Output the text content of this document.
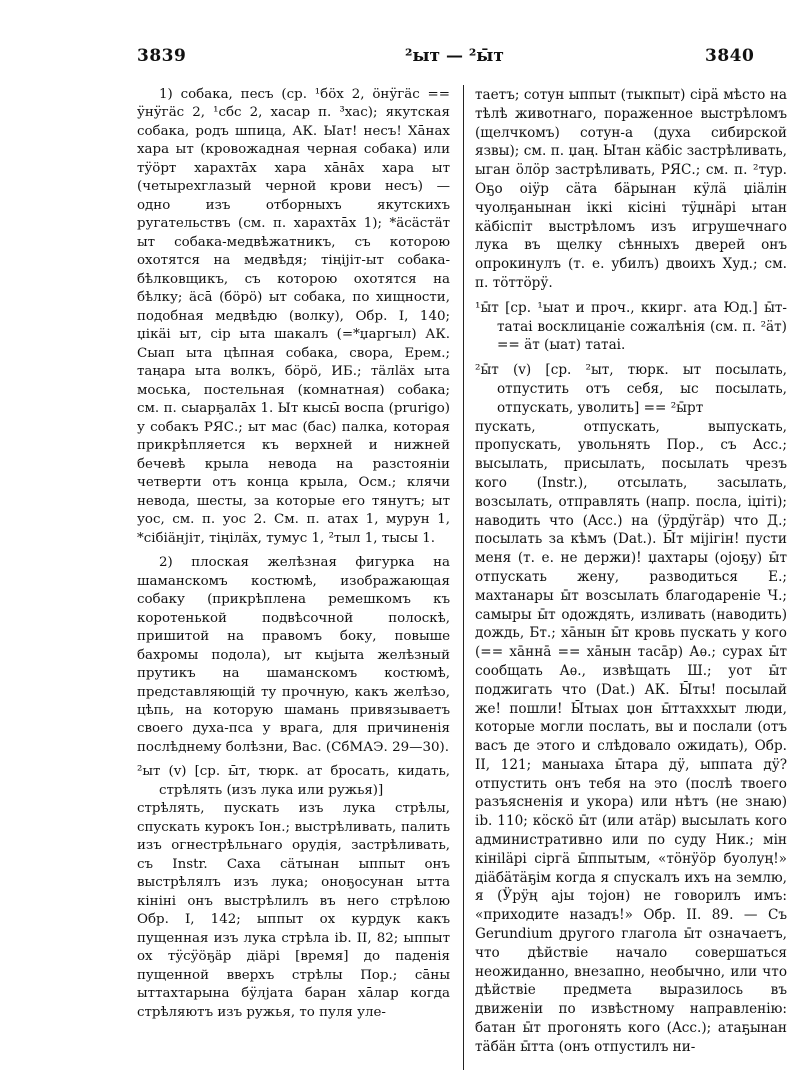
3839	²ыт — ²ы̄т	3840

1) собака, песъ (ср. ¹бöх 2, öнӱгäс == ӱнӱгäс 2, ¹сбс 2, хасар п. ³хас); якутская собака, родъ шпица, АК. Ыат! несъ! Хāнах хара ыт (кровожадная черная собака) или тӱöрт харахтāх хара хāнāх хара ыт (четырехглазый черной крови несъ) — одно изъ отборныхъ якутскихъ ругательствъ (см. п. харахтāх 1); *äсäстäт ыт собака-медвѣжатникъ, съ которою охотятся на медвѣдя; тiңiјiт-ыт собака-бѣлковщикъ, съ которою охотятся на бѣлку; äсā (бöрö) ыт собака, по хищности, подобная медвѣдю (волку), Обр. I, 140; џiкäi ыт, сiр ыта шакалъ (=*џаргыл) АК. Сыап ыта цѣпная собака, свора, Ерем.; таңара ыта волкъ, бöрö, ИБ.; тäлläх ыта моська, постельная (комнатная) собака; см. п. сыарҕалāх 1. Ыт кысы̄ воспа (prurigo) у собакъ РЯС.; ыт мас (бас) палка, которая прикрѣпляется къ верхней и нижней бечевѣ крыла невода на разстоянiи четверти отъ конца крыла, Осм.; клячи невода, шесты, за которые его тянутъ; ыт уос, см. п. уос 2. См. п. атах 1, мурун 1, *сiбiäнјiт, тiңiлäх, тумус 1, ²тыл 1, тысы 1.

2) плоская желѣзная фигурка на шаманскомъ костюмѣ, изображающая собаку (прикрѣплена ремешкомъ къ коротенькой подвѣсочной полоскѣ, пришитой на правомъ боку, повыше бахромы подола), ыт кыјыта желѣзный прутикъ на шаманскомъ костюмѣ, представляющiй ту прочную, какъ желѣзо, цѣпь, на которую шамань привязываетъ своего духа-пса у врага, для причиненiя послѣднему болѣзни, Вас. (СбМАЭ. 29—30).

²ыт (v) [ср. ы̄т, тюрк. ат бросать, кидать, стрѣлять (изъ лука или ружья)]

стрѣлять, пускать изъ лука стрѣлы, спускать курокъ Іон.; выстрѣливать, палить изъ огнестрѣльнаго орудiя, застрѣливать, съ Instr. Саха сäтынан ыппыт онъ выстрѣлялъ изъ лука; оноҕосунан ытта кiнiнi онъ выстрѣлилъ въ него стрѣлою Обр. I, 142; ыппыт ох курдук какъ пущенная изъ лука стрѣла ib. II, 82; ыппыт ох тӱсӱöҕäр діäрi [время] до паденiя пущенной вверхъ стрѣлы Пор.; сāны ыттахтарына бӱлјата баран хāлар когда стрѣляютъ изъ ружья, то пуля уле-

таетъ; сотун ыппыт (тыкпыт) сiрä мѣсто на тѣлѣ животнаго, пораженное выстрѣломъ (щелчкомъ) сотун-а (духа сибирской язвы); см. п. џаң. Ытан кäбiс застрѣливать, ыган öлöр застрѣливать, РЯС.; см. п. ²тур. Оҕо оiӱр сäта бäрынан кӱлä џiäлiн чуолҕанынан iккi кiсiнi тӱџнäрi ытан кäбiспiт выстрѣломъ изъ игрушечнаго лука въ щелку сѣнныхъ дверей онъ опрокинулъ (т. е. убилъ) двоихъ Худ.; см. п. тöттöрӱ.

¹ы̄т [ср. ¹ыат и проч., ккирг. ата Юд.] ы̄т-татаi восклицанiе сожалѣнiя (см. п. ²äт) == äт (ыат) татаi.

²ы̄т (v) [ср. ²ыт, тюрк. ыт посылать, отпустить отъ себя, ыс посылать, отпускать, уволить] == ²ы̄рт

пускать, отпускать, выпускать, пропускать, увольнять Пор., съ Acc.; высылать, присылать, посылать чрезъ кого (Instr.), отсылать, засылать, возсылать, отправлять (напр. посла, iџiтi); наводить что (Acc.) на (ӱрдӱгäр) что Д.; посылать за кѣмъ (Dat.). Ы̄т мiјiгiн! пусти меня (т. е. не держи)! џахтары (ојоҕу) ы̄т отпускать жену, разводиться Е.; махтанары ы̄т возсылать благодаренiе Ч.; самыры ы̄т одождять, изливать (наводить) дождь, Бт.; хāнын ы̄т кровь пускать у кого (== хāннā == хāнын тасāр) Аѳ.; сурах ы̄т сообщать Аѳ., извѣщать Ш.; уот ы̄т поджигать что (Dat.) АК. Ы̄ты! посылай же! пошли! Ы̄тыах џон ы̄ттахххыт люди, которые могли послать, вы и послали (отъ васъ де этого и слѣдовало ожидать), Обр. II, 121; маныаха ы̄тара дӱ, ыппата дӱ? отпустить онъ тебя на это (послѣ твоего разъясненiя и укора) или нѣтъ (не знаю) ib. 110; кöскö ы̄т (или атäр) высылать кого административно или по суду Ник.; мiн кiнiläрi сiргä ы̄ппытым, «тöнӱöр буолуң!» дiäбäтäҕiм когда я спускалъ ихъ на землю, я (Ӱрӱң аjы тојон) не говорилъ имъ: «приходите назадъ!» Обр. II. 89. — Съ Gerundium другого глагола ы̄т означаетъ, что дѣйствiе начало совершаться неожиданно, внезапно, необычно, или что дѣйствiе предмета выразилось въ движенiи по извѣстному направленiю: батан ы̄т прогонять кого (Acc.); атаҕынан тäбäн ы̄тта (онъ отпустилъ ни-
